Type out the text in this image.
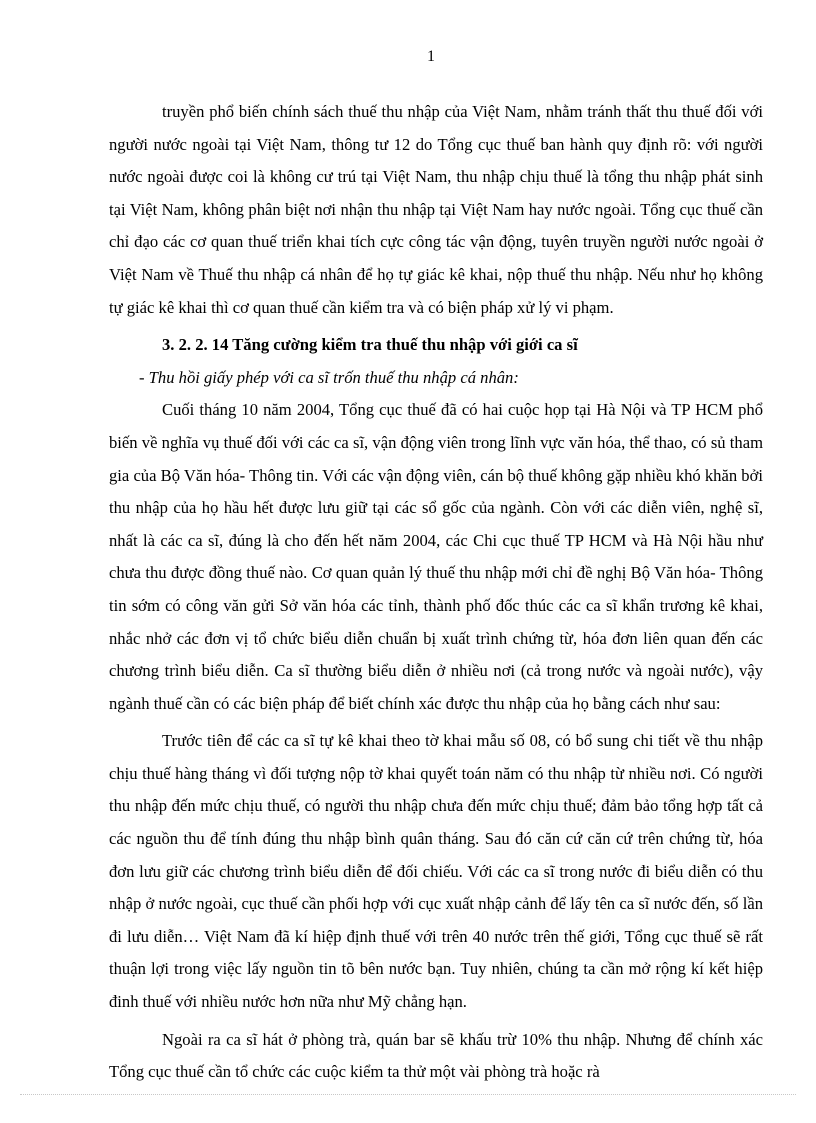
1

truyền phổ biến chính sách thuế thu nhập của Việt Nam, nhằm tránh thất thu thuế đối với người nước ngoài tại Việt Nam, thông tư 12 do Tổng cục thuế ban hành quy định rõ: với người nước ngoài được coi là không cư trú tại Việt Nam, thu nhập chịu thuế là tổng thu nhập phát sinh tại Việt Nam, không phân biệt nơi nhận thu nhập tại Việt Nam hay nước ngoài. Tổng cục thuế cần chỉ đạo các cơ quan thuế triển khai tích cực công tác vận động, tuyên truyền người nước ngoài ở Việt Nam về Thuế thu nhập cá nhân để họ tự giác kê khai, nộp thuế thu nhập. Nếu như họ không tự giác kê khai thì cơ quan thuế cần kiểm tra và có biện pháp xử lý vi phạm.

3. 2. 2. 14 Tăng cường kiểm tra thuế thu nhập với giới ca sĩ

- Thu hồi giấy phép với ca sĩ trốn thuế thu nhập cá nhân:

Cuối tháng 10 năm 2004, Tổng cục thuế đã có hai cuộc họp tại Hà Nội và TP HCM phổ biến về nghĩa vụ thuế đối với các ca sĩ, vận động viên trong lĩnh vực văn hóa, thể thao, có sủ tham gia của Bộ Văn hóa- Thông tin. Với các vận động viên, cán bộ thuế không gặp nhiều khó khăn bởi thu nhập của họ hầu hết được lưu giữ tại các sổ gốc của ngành. Còn với các diễn viên, nghệ sĩ, nhất là các ca sĩ, đúng là cho đến hết năm 2004, các Chi cục thuế TP HCM và Hà Nội hầu như chưa thu được đồng thuế nào. Cơ quan quản lý thuế thu nhập mới chỉ đề nghị Bộ Văn hóa- Thông tin sớm có công văn gửi Sở văn hóa các tỉnh, thành phố đốc thúc các ca sĩ khẩn trương kê khai, nhắc nhở các đơn vị tổ chức biểu diễn chuẩn bị xuất trình chứng từ, hóa đơn liên quan đến các chương trình biểu diễn. Ca sĩ thường biểu diễn ở nhiều nơi (cả trong nước và ngoài nước), vậy ngành thuế cần có các biện pháp để biết chính xác được thu nhập của họ bằng cách như sau:

Trước tiên để các ca sĩ tự kê khai theo tờ khai mẫu số 08, có bổ sung chi tiết về thu nhập chịu thuế hàng tháng vì đối tượng nộp tờ khai quyết toán năm có thu nhập từ nhiều nơi. Có người thu nhập đến mức chịu thuế, có người thu nhập chưa đến mức chịu thuế; đảm bảo tổng hợp tất cả các nguồn thu để tính đúng thu nhập bình quân tháng. Sau đó căn cứ căn cứ trên chứng từ, hóa đơn lưu giữ các chương trình biểu diễn để đối chiếu. Với các ca sĩ trong nước đi biểu diễn có thu nhập ở nước ngoài, cục thuế cần phối hợp với cục xuất nhập cảnh để lấy tên ca sĩ nước đến, số lần đi lưu diễn… Việt Nam đã kí hiệp định thuế với trên 40 nước trên thế giới, Tổng cục thuế sẽ rất thuận lợi trong việc lấy nguồn tin tõ bên nước bạn. Tuy nhiên, chúng ta cần mở rộng kí kết hiệp đinh thuế với nhiều nước hơn nữa như Mỹ chẳng hạn.

Ngoài ra ca sĩ hát ở phòng trà, quán bar sẽ khấu trừ 10% thu nhập. Nhưng để chính xác Tổng cục thuế cần tổ chức các cuộc kiểm ta thử một vài phòng trà hoặc rà
